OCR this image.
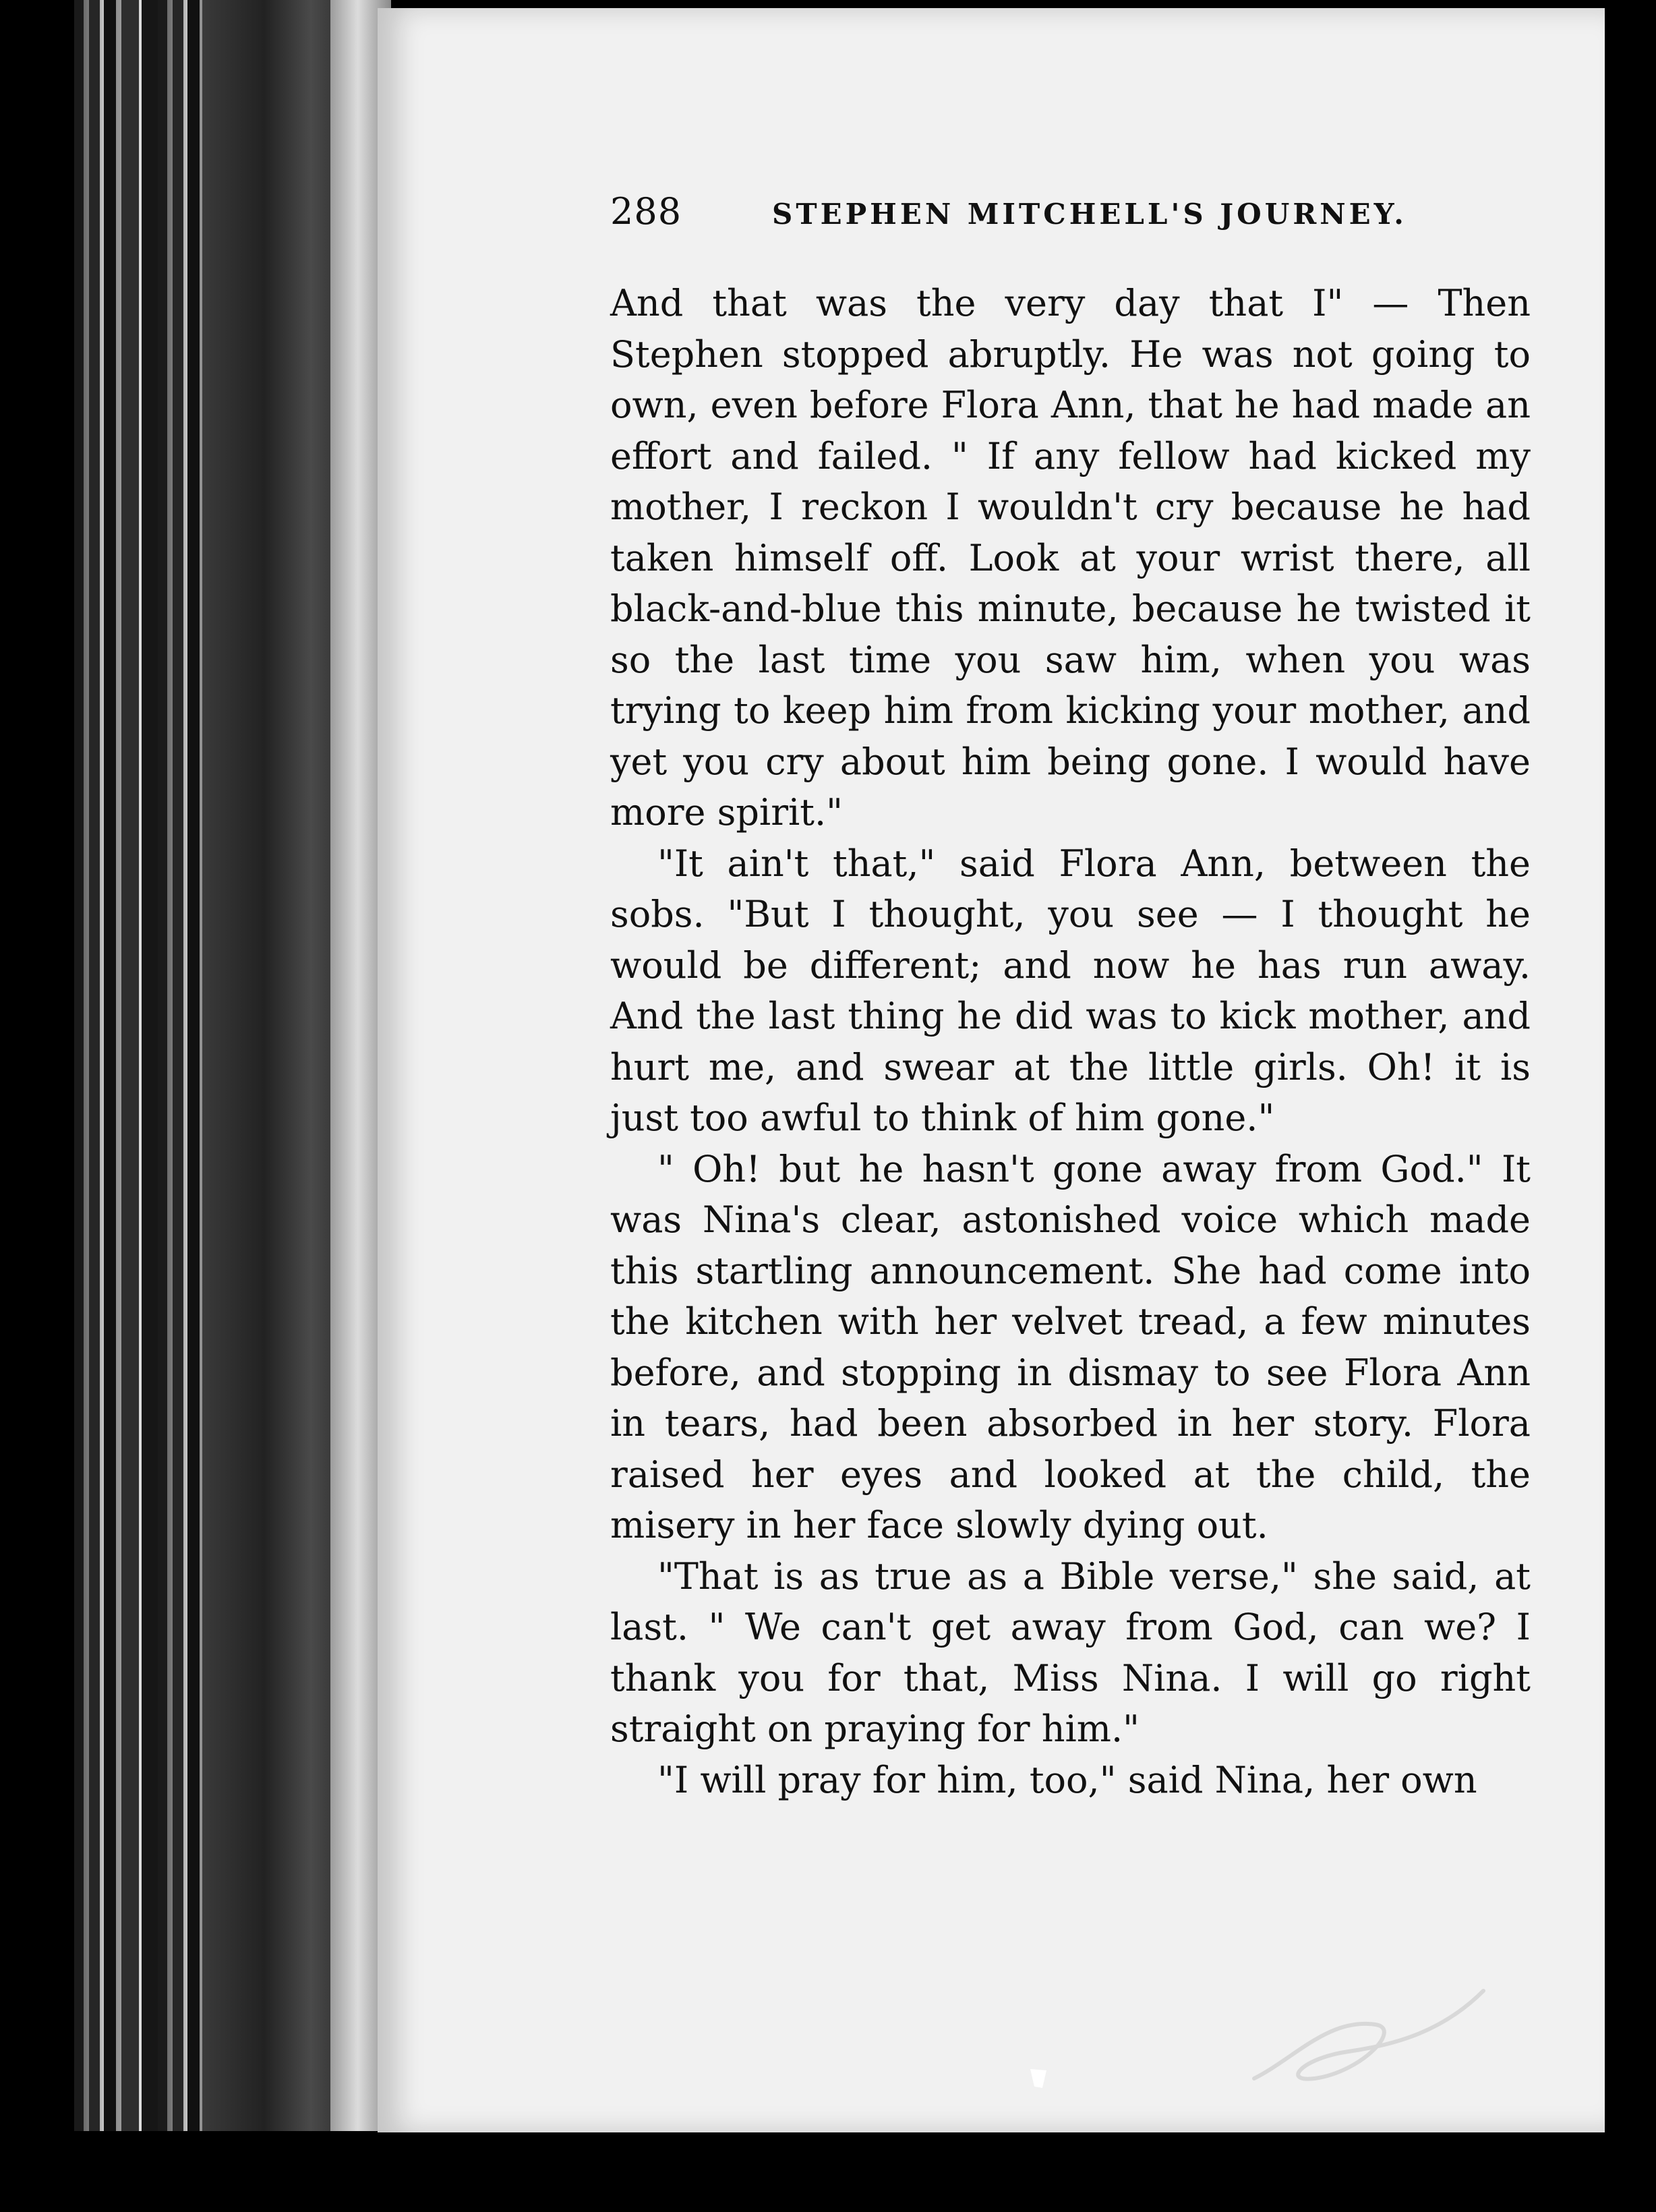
288	STEPHEN MITCHELL'S JOURNEY.

And that was the very day that I" — Then Stephen stopped abruptly. He was not going to own, even before Flora Ann, that he had made an effort and failed. " If any fellow had kicked my mother, I reckon I wouldn't cry because he had taken himself off. Look at your wrist there, all black-and-blue this minute, because he twisted it so the last time you saw him, when you was trying to keep him from kicking your mother, and yet you cry about him being gone. I would have more spirit."

"It ain't that," said Flora Ann, between the sobs. "But I thought, you see — I thought he would be different; and now he has run away. And the last thing he did was to kick mother, and hurt me, and swear at the little girls. Oh! it is just too awful to think of him gone."

" Oh! but he hasn't gone away from God." It was Nina's clear, astonished voice which made this startling announcement. She had come into the kitchen with her velvet tread, a few minutes before, and stopping in dismay to see Flora Ann in tears, had been absorbed in her story. Flora raised her eyes and looked at the child, the misery in her face slowly dying out.

"That is as true as a Bible verse," she said, at last. " We can't get away from God, can we? I thank you for that, Miss Nina. I will go right straight on praying for him."

"I will pray for him, too," said Nina, her own
